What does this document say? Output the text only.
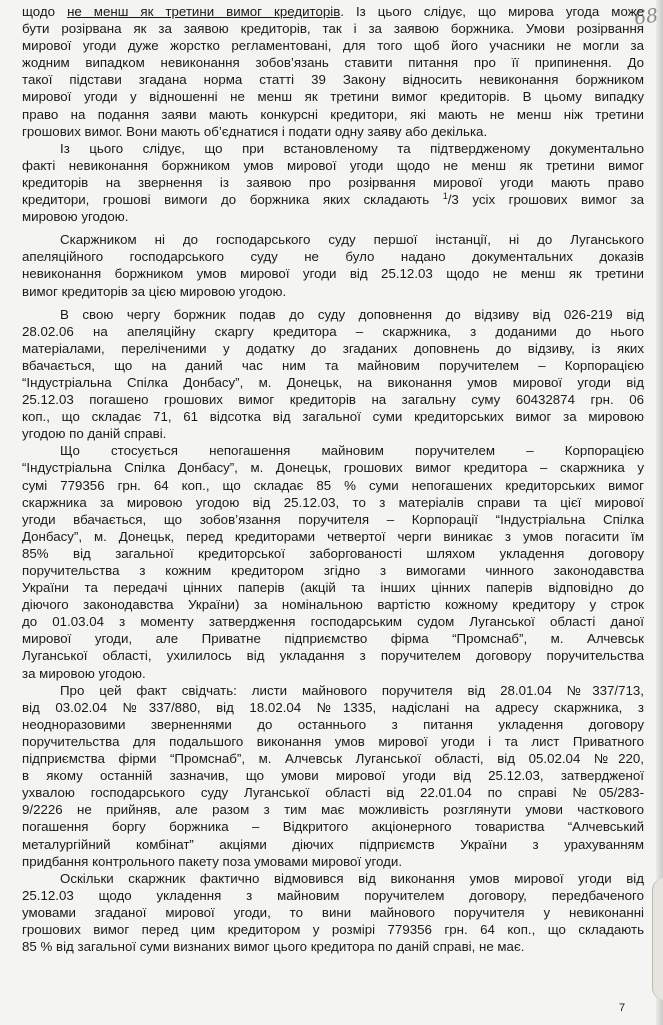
68
щодо не менш як третини вимог кредиторів. Із цього слідує, що мирова угода може
бути розірвана як за заявою кредиторів, так і за заявою боржника. Умови розірвання
мирової угоди дуже жорстко регламентовані, для того щоб його учасники не могли за
жодним випадком невиконання зобов’язань ставити питання про її припинення. До
такої підстави згадана норма статті 39 Закону відносить невиконання боржником
мирової угоди у відношенні не менш як третини вимог кредиторів. В цьому випадку
право на подання заяви мають конкурсні кредитори, які мають не менш ніж третини
грошових вимог. Вони мають об’єднатися і подати одну заяву або декілька.
Із цього слідує, що при встановленому та підтвердженому документально
факті невиконання боржником умов мирової угоди щодо не менш як третини вимог
кредиторів на звернення із заявою про розірвання мирової угоди мають право
кредитори, грошові вимоги до боржника яких складають $^1$/3 усіх грошових вимог за
мировою угодою.
Скаржником ні до господарського суду першої інстанції, ні до Луганського
апеляційного господарського суду не було надано документальних доказів
невиконання боржником умов мирової угоди від 25.12.03 щодо не менш як третини
вимог кредиторів за цією мировою угодою.
В свою чергу боржник подав до суду доповнення до відзиву від 026-219 від
28.02.06 на апеляційну скаргу кредитора – скаржника, з доданими до нього
матеріалами, переліченими у додатку до згаданих доповнень до відзиву, із яких
вбачається, що на даний час ним та майновим поручителем – Корпорацією
“Індустріальна Спілка Донбасу”, м. Донецьк, на виконання умов мирової угоди від
25.12.03 погашено грошових вимог кредиторів на загальну суму 60432874 грн. 06
коп., що складає 71, 61 відсотка від загальної суми кредиторських вимог за мировою
угодою по даній справі.
Що стосується непогашення майновим поручителем – Корпорацією
“Індустріальна Спілка Донбасу”, м. Донецьк, грошових вимог кредитора – скаржника у
сумі 779356 грн. 64 коп., що складає 85 % суми непогашених кредиторських вимог
скаржника за мировою угодою від 25.12.03, то з матеріалів справи та цієї мирової
угоди вбачається, що зобов’язання поручителя – Корпорації “Індустріальна Спілка
Донбасу”, м. Донецьк, перед кредиторами четвертої черги виникає з умов погасити їм
85% від загальної кредиторської заборгованості шляхом укладення договору
поручительства з кожним кредитором згідно з вимогами чинного законодавства
України та передачі цінних паперів (акцій та інших цінних паперів відповідно до
діючого законодавства України) за номінальною вартістю кожному кредитору у строк
до 01.03.04 з моменту затвердження господарським судом Луганської області даної
мирової угоди, але Приватне підприємство фірма “Промснаб”, м. Алчевськ
Луганської області, ухилилось від укладання з поручителем договору поручительства
за мировою угодою.
Про цей факт свідчать: листи майнового поручителя від 28.01.04 №337/713,
від 03.02.04 №337/880, від 18.02.04 №1335, надіслані на адресу скаржника, з
неодноразовими зверненнями до останнього з питання укладення договору
поручительства для подальшого виконання умов мирової угоди і та лист Приватного
підприємства фірми “Промснаб”, м. Алчевськ Луганської області, від 05.02.04 №220,
в якому останній зазначив, що умови мирової угоди від 25.12.03, затвердженої
ухвалою господарського суду Луганської області від 22.01.04 по справі №05/283-
9/2226 не прийняв, але разом з тим має можливість розглянути умови часткового
погашення боргу боржника – Відкритого акціонерного товариства “Алчевський
металургійний комбінат” акціями діючих підприємств України з урахуванням
придбання контрольного пакету поза умовами мирової угоди.
Оскільки скаржник фактично відмовився від виконання умов мирової угоди від
25.12.03 щодо укладення з майновим поручителем договору, передбаченого
умовами згаданої мирової угоди, то вини майнового поручителя у невиконанні
грошових вимог перед цим кредитором у розмірі 779356 грн. 64 коп., що складають
85 % від загальної суми визнаних вимог цього кредитора по даній справі, не має.
7
